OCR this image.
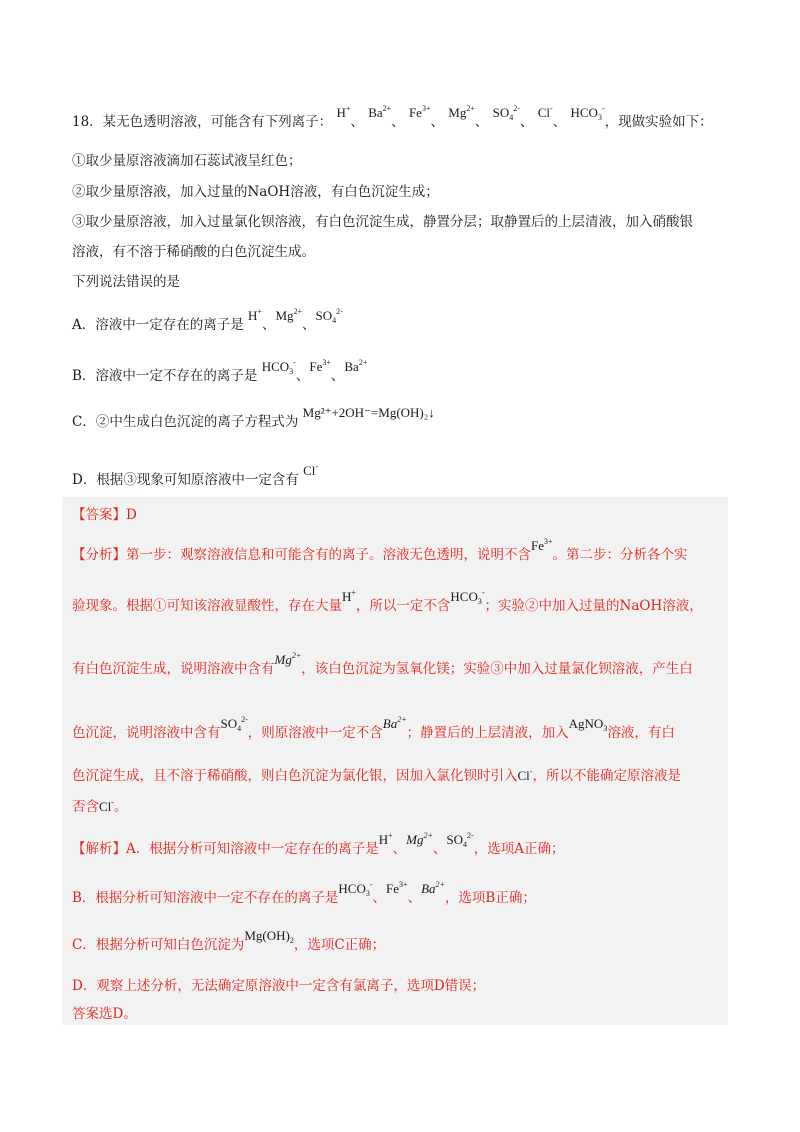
18．某无色透明溶液，可能含有下列离子： H+、 $Ba^{2+}$、 $Fe^{3+}$、 $Mg^{2+}$、 $SO_4^{2-}$、 Cl-、 $HCO_3^-$，现做实验如下：
①取少量原溶液滴加石蕊试液呈红色；
②取少量原溶液，加入过量的NaOH溶液，有白色沉淀生成；
③取少量原溶液，加入过量氯化钡溶液，有白色沉淀生成，静置分层；取静置后的上层清液，加入硝酸银
溶液，有不溶于稀硝酸的白色沉淀生成。
下列说法错误的是
A．溶液中一定存在的离子是 H+、$Mg^{2+}$、$SO_4^{2-}$
B．溶液中一定不存在的离子是 $HCO_3^-$、$Fe^{3+}$、$Ba^{2+}$
C．②中生成白色沉淀的离子方程式为 Mg²⁺+2OH⁻=Mg(OH)₂↓
D．根据③现象可知原溶液中一定含有 Cl-
【答案】D
【分析】第一步：观察溶液信息和可能含有的离子。溶液无色透明，说明不含$Fe^{3+}$。第二步：分析各个实
验现象。根据①可知该溶液显酸性，存在大量H+，所以一定不含$HCO_3^-$；实验②中加入过量的NaOH溶液，
有白色沉淀生成，说明溶液中含有$Mg^{2+}$，该白色沉淀为氢氧化镁；实验③中加入过量氯化钡溶液，产生白
色沉淀，说明溶液中含有$SO_4^{2-}$，则原溶液中一定不含$Ba^{2+}$；静置后的上层清液，加入AgNO$_3$溶液，有白
色沉淀生成，且不溶于稀硝酸，则白色沉淀为氯化银，因加入氯化钡时引入Cl-，所以不能确定原溶液是
否含Cl-。
【解析】A．根据分析可知溶液中一定存在的离子是H+、$Mg^{2+}$、$SO_4^{2-}$，选项A正确；
B．根据分析可知溶液中一定不存在的离子是$HCO_3^-$、$Fe^{3+}$、$Ba^{2+}$，选项B正确；
C．根据分析可知白色沉淀为$Mg(OH)_2$，选项C正确；
D．观察上述分析，无法确定原溶液中一定含有氯离子，选项D错误；
答案选D。
